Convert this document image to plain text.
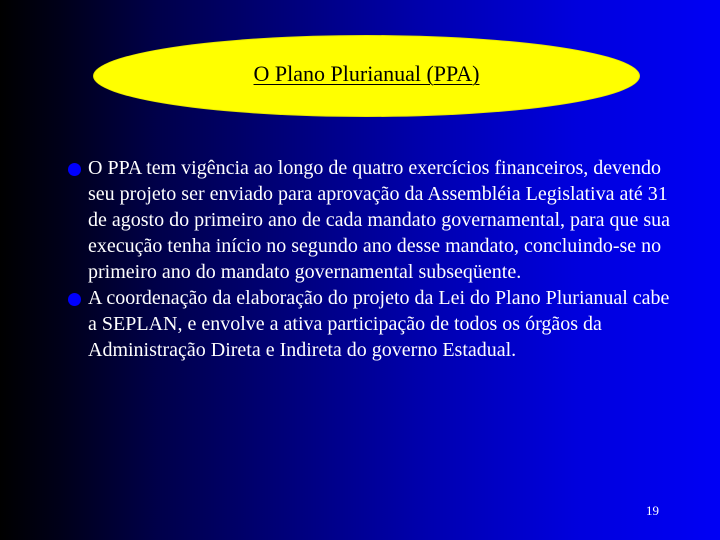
O Plano Plurianual (PPA)
O PPA tem vigência ao longo de quatro exercícios financeiros, devendo seu projeto ser enviado para aprovação da Assembléia Legislativa até 31 de agosto do primeiro ano de cada mandato governamental, para que sua execução tenha início no segundo ano desse mandato, concluindo-se no primeiro ano do mandato governamental subseqüente.
A coordenação da elaboração do projeto da Lei do Plano Plurianual cabe a SEPLAN, e envolve a ativa participação de todos os órgãos da Administração Direta e Indireta do governo Estadual.
19
